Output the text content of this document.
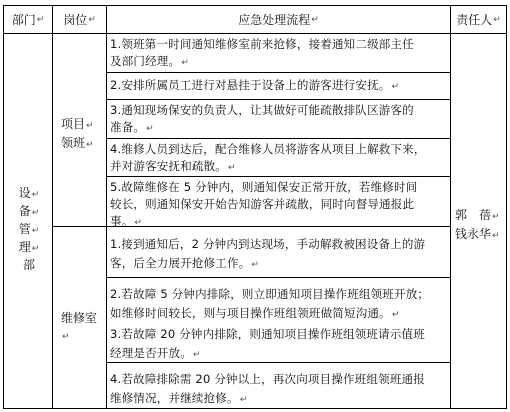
部门 ↵ 岗位 ↵	应急处理流程 ↵	责任人 ↵
设↵
备↵
管↵
理↵
部
项目↵
领班↵
维修室↵
郭　蓓↵
钱永华↵
1.领班第一时间通知维修室前来抢修，接着通知二级部主任
及部门经理。↵
2.安排所属员工进行对悬挂于设备上的游客进行安抚。↵
3.通知现场保安的负责人，让其做好可能疏散排队区游客的
准备。↵
4.维修人员到达后，配合维修人员将游客从项目上解救下来，
并对游客安抚和疏散。↵
5.故障维修在 5 分钟内，则通知保安正常开放，若维修时间
较长，则通知保安开始告知游客并疏散，同时向督导通报此
事。↵
1.接到通知后，2 分钟内到达现场，手动解救被困设备上的游
客，后全力展开抢修工作。↵
2.若故障 5 分钟内排除，则立即通知项目操作班组领班开放；
如维修时间较长，则与项目操作班组领班做简短沟通。↵
3.若故障 20 分钟内排除，则通知项目操作班组领班请示值班
经理是否开放。↵
4.若故障排除需 20 分钟以上，再次向项目操作班组领班通报
维修情况，并继续抢修。↵
